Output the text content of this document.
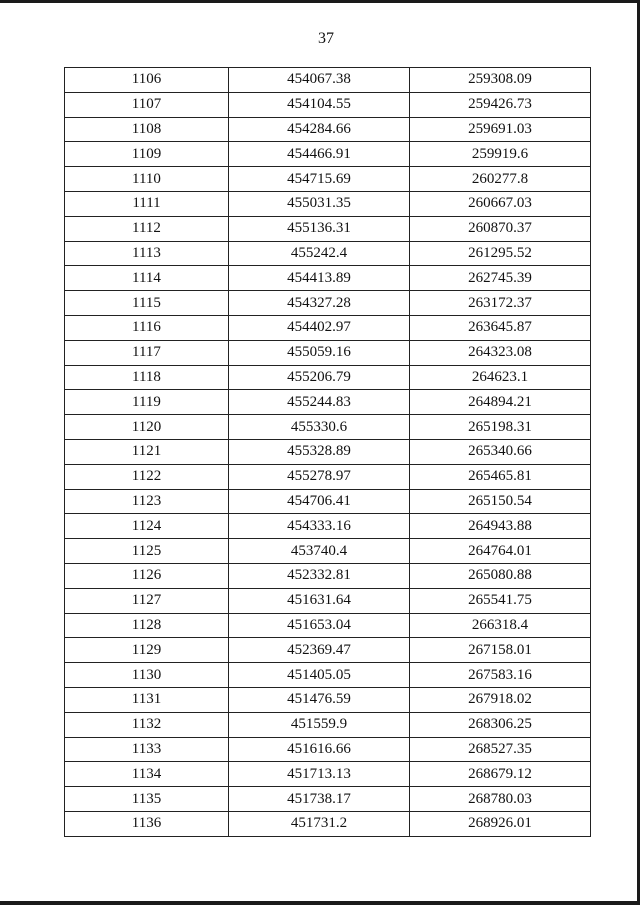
37
1106	454067.38	259308.09
1107	454104.55	259426.73
1108	454284.66	259691.03
1109	454466.91	259919.6
1110	454715.69	260277.8
1111	455031.35	260667.03
1112	455136.31	260870.37
1113	455242.4	261295.52
1114	454413.89	262745.39
1115	454327.28	263172.37
1116	454402.97	263645.87
1117	455059.16	264323.08
1118	455206.79	264623.1
1119	455244.83	264894.21
1120	455330.6	265198.31
1121	455328.89	265340.66
1122	455278.97	265465.81
1123	454706.41	265150.54
1124	454333.16	264943.88
1125	453740.4	264764.01
1126	452332.81	265080.88
1127	451631.64	265541.75
1128	451653.04	266318.4
1129	452369.47	267158.01
1130	451405.05	267583.16
1131	451476.59	267918.02
1132	451559.9	268306.25
1133	451616.66	268527.35
1134	451713.13	268679.12
1135	451738.17	268780.03
1136	451731.2	268926.01
